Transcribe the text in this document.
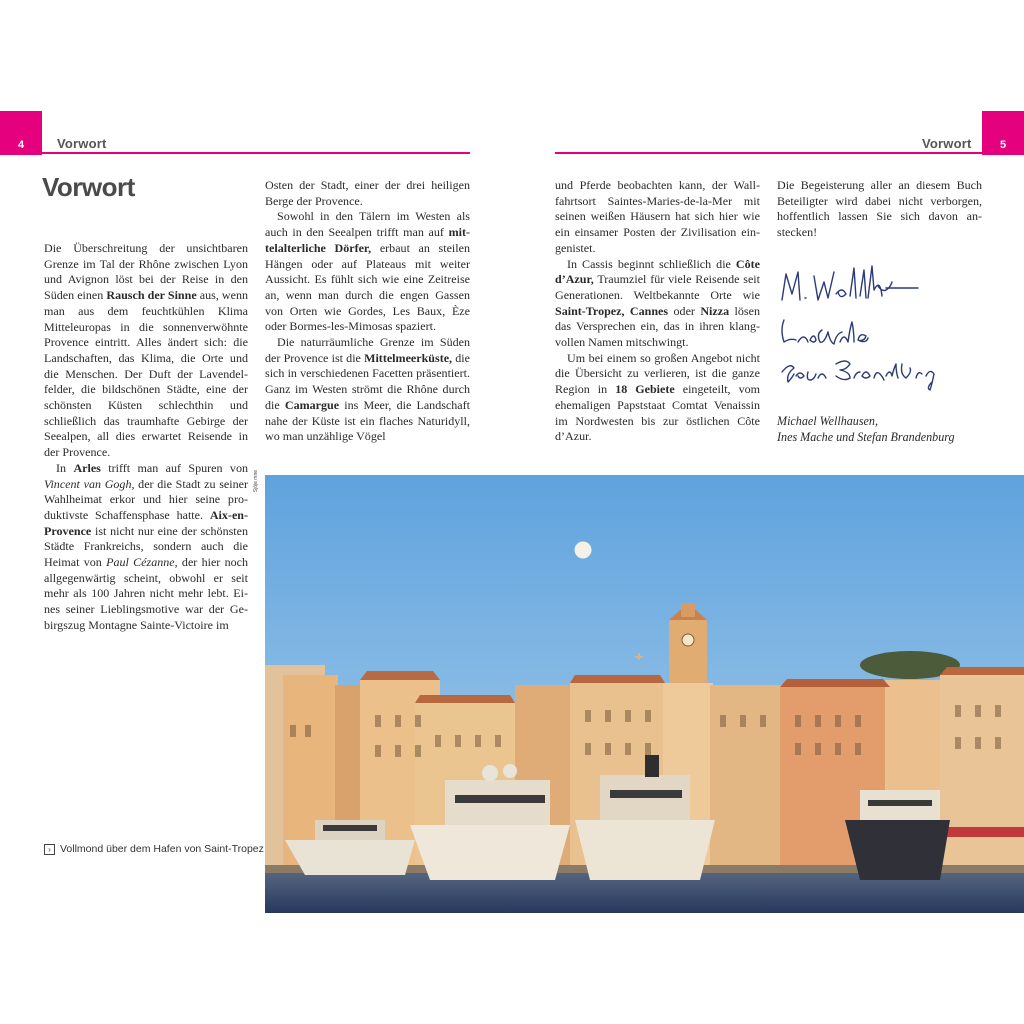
4	Vorwort
Vorwort

Die Überschreitung der unsichtbaren Grenze im Tal der Rhône zwischen Lyon und Avignon löst bei der Reise in den Süden einen Rausch der Sinne aus, wenn man aus dem feuchtkühlen Klima Mitteleuropas in die sonnenverwöhnte Provence eintritt. Alles ändert sich: die Landschaften, das Klima, die Orte und die Menschen. Der Duft der Lavendelfelder, die bildschönen Städte, eine der schönsten Küsten schlechthin und schließlich das traumhafte Gebirge der Seealpen, all dies erwartet Reisende in der Provence.

In Arles trifft man auf Spuren von Vincent van Gogh, der die Stadt zu seiner Wahlheimat erkor und hier seine produktivste Schaffensphase hatte. Aix-en-Provence ist nicht nur eine der schönsten Städte Frankreichs, sondern auch die Heimat von Paul Cézanne, der hier noch allgegenwärtig scheint, obwohl er seit mehr als 100 Jahren nicht mehr lebt. Eines seiner Lieblingsmotive war der Gebirgszug Montagne Sainte-Victoire im

Osten der Stadt, einer der drei heiligen Berge der Provence.

Sowohl in den Tälern im Westen als auch in den Seealpen trifft man auf mittelalterliche Dörfer, erbaut an steilen Hängen oder auf Plateaus mit weiter Aussicht. Es fühlt sich wie eine Zeitreise an, wenn man durch die engen Gassen von Orten wie Gordes, Les Baux, Èze oder Bormes-les-Mimosas spaziert.

Die naturräumliche Grenze im Süden der Provence ist die Mittelmeerküste, die sich in verschiedenen Facetten präsentiert. Ganz im Westen strömt die Rhône durch die Camargue ins Meer, die Landschaft nahe der Küste ist ein flaches Naturidyll, wo man unzählige Vögel

Sjöje mne
› Vollmond über dem Hafen von Saint-Tropez
5
Vorwort

und Pferde beobachten kann, der Wallfahrtsort Saintes-Maries-de-la-Mer mit seinen weißen Häusern hat sich hier wie ein einsamer Posten der Zivilisation eingenistet.

In Cassis beginnt schließlich die Côte d’Azur, Traumziel für viele Reisende seit Generationen. Weltbekannte Orte wie Saint-Tropez, Cannes oder Nizza lösen das Versprechen ein, das in ihren klangvollen Namen mitschwingt.

Um bei einem so großen Angebot nicht die Übersicht zu verlieren, ist die ganze Region in 18 Gebiete eingeteilt, vom ehemaligen Papststaat Comtat Venaissin im Nordwesten bis zur östlichen Côte d’Azur.

Die Begeisterung aller an diesem Buch Beteiligter wird dabei nicht verborgen, hoffentlich lassen Sie sich davon anstecken!

Michael Wellhausen,

Ines Mache und Stefan Brandenburg
